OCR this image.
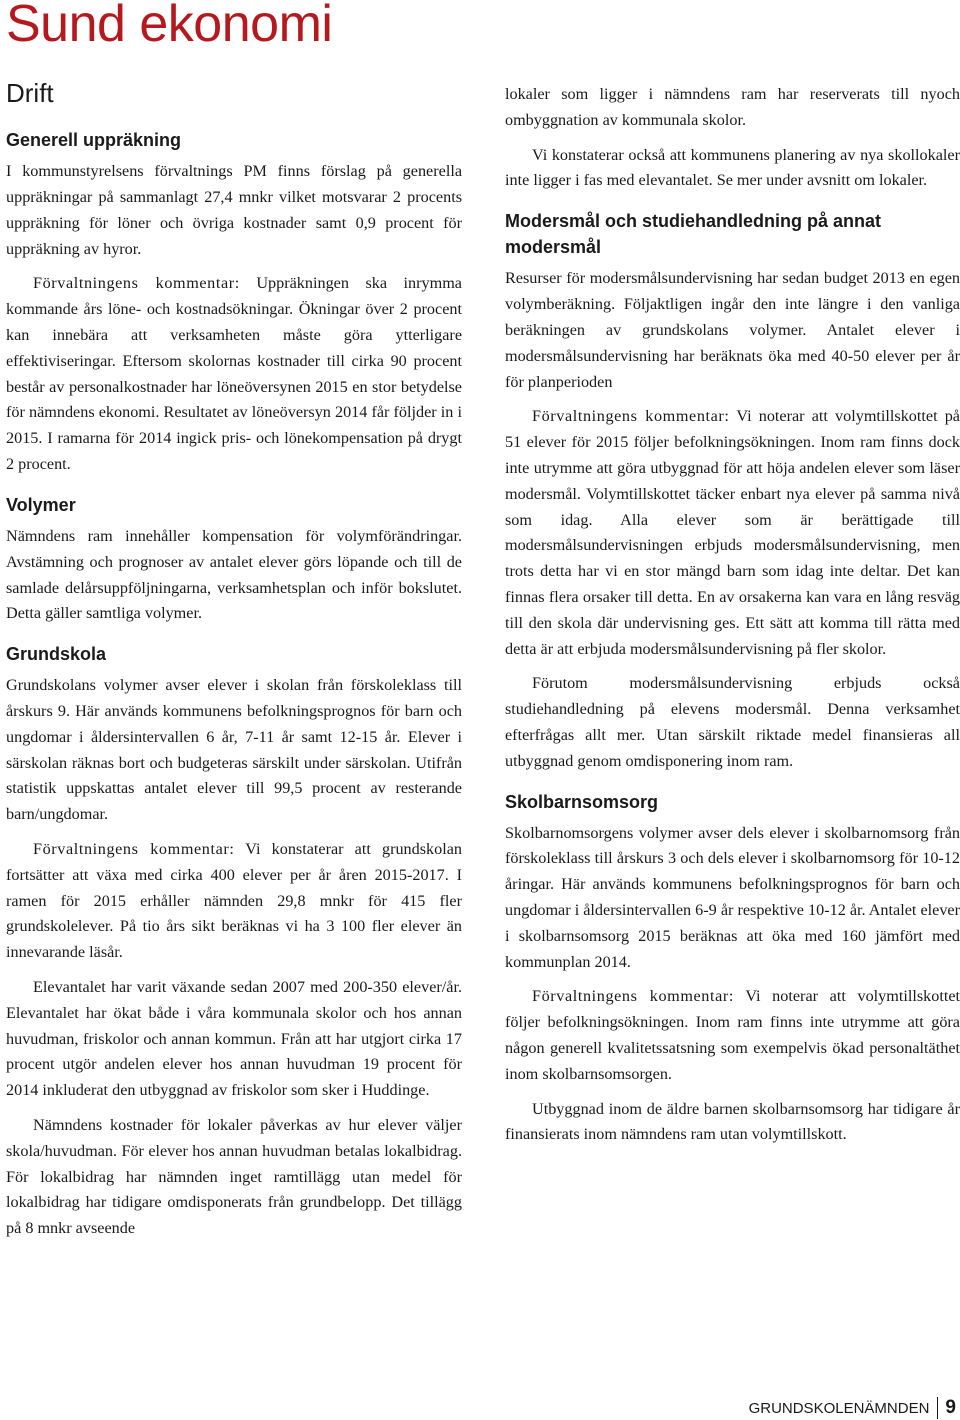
Sund ekonomi
Drift
Generell uppräkning

I kommunstyrelsens förvaltnings PM finns förslag på generella uppräkningar på sammanlagt 27,4 mnkr vilket motsvarar 2 procents uppräkning för löner och övriga kostnader samt 0,9 procent för uppräkning av hyror.

Förvaltningens kommentar: Uppräkningen ska inrymma kommande års löne- och kostnadsökningar. Ökningar över 2 procent kan innebära att verksamheten måste göra ytterligare effektiviseringar. Eftersom skolornas kostnader till cirka 90 procent består av personalkostnader har löneöversynen 2015 en stor betydelse för nämndens ekonomi. Resultatet av löneöversyn 2014 får följder in i 2015. I ramarna för 2014 ingick pris- och lönekompensation på drygt 2 procent.

Volymer

Nämndens ram innehåller kompensation för volymförändringar. Avstämning och prognoser av antalet elever görs löpande och till de samlade delårsuppföljningarna, verksamhetsplan och inför bokslutet. Detta gäller samtliga volymer.

Grundskola

Grundskolans volymer avser elever i skolan från förskoleklass till årskurs 9. Här används kommunens befolkningsprognos för barn och ungdomar i åldersintervallen 6 år, 7-11 år samt 12-15 år. Elever i särskolan räknas bort och budgeteras särskilt under särskolan. Utifrån statistik uppskattas antalet elever till 99,5 procent av resterande barn/ungdomar.

Förvaltningens kommentar: Vi konstaterar att grundskolan fortsätter att växa med cirka 400 elever per år åren 2015-2017. I ramen för 2015 erhåller nämnden 29,8 mnkr för 415 fler grundskolelever. På tio års sikt beräknas vi ha 3 100 fler elever än innevarande läsår.

Elevantalet har varit växande sedan 2007 med 200-350 elever/år. Elevantalet har ökat både i våra kommunala skolor och hos annan huvudman, friskolor och annan kommun. Från att har utgjort cirka 17 procent utgör andelen elever hos annan huvudman 19 procent för 2014 inkluderat den utbyggnad av friskolor som sker i Huddinge.

Nämndens kostnader för lokaler påverkas av hur elever väljer skola/huvudman. För elever hos annan huvudman betalas lokalbidrag. För lokalbidrag har nämnden inget ramtillägg utan medel för lokalbidrag har tidigare omdisponerats från grundbelopp. Det tillägg på 8 mnkr avseende

lokaler som ligger i nämndens ram har reserverats till nyoch ombyggnation av kommunala skolor.

Vi konstaterar också att kommunens planering av nya skollokaler inte ligger i fas med elevantalet. Se mer under avsnitt om lokaler.

Modersmål och studiehandledning på annat modersmål

Resurser för modersmålsundervisning har sedan budget 2013 en egen volymberäkning. Följaktligen ingår den inte längre i den vanliga beräkningen av grundskolans volymer. Antalet elever i modersmålsundervisning har beräknats öka med 40-50 elever per år för planperioden

Förvaltningens kommentar: Vi noterar att volymtillskottet på 51 elever för 2015 följer befolkningsökningen. Inom ram finns dock inte utrymme att göra utbyggnad för att höja andelen elever som läser modersmål. Volymtillskottet täcker enbart nya elever på samma nivå som idag. Alla elever som är berättigade till modersmålsundervisningen erbjuds modersmålsundervisning, men trots detta har vi en stor mängd barn som idag inte deltar. Det kan finnas flera orsaker till detta. En av orsakerna kan vara en lång resväg till den skola där undervisning ges. Ett sätt att komma till rätta med detta är att erbjuda modersmålsundervisning på fler skolor.

Förutom modersmålsundervisning erbjuds också studiehandledning på elevens modersmål. Denna verksamhet efterfrågas allt mer. Utan särskilt riktade medel finansieras all utbyggnad genom omdisponering inom ram.

Skolbarnsomsorg

Skolbarnomsorgens volymer avser dels elever i skolbarnomsorg från förskoleklass till årskurs 3 och dels elever i skolbarnomsorg för 10-12 åringar. Här används kommunens befolkningsprognos för barn och ungdomar i åldersintervallen 6-9 år respektive 10-12 år. Antalet elever i skolbarnsomsorg 2015 beräknas att öka med 160 jämfört med kommunplan 2014.

Förvaltningens kommentar: Vi noterar att volymtillskottet följer befolkningsökningen. Inom ram finns inte utrymme att göra någon generell kvalitetssatsning som exempelvis ökad personaltäthet inom skolbarnsomsorgen.

Utbyggnad inom de äldre barnen skolbarnsomsorg har tidigare år finansierats inom nämndens ram utan volymtillskott.

GRUNDSKOLENÄMNDEN 9
